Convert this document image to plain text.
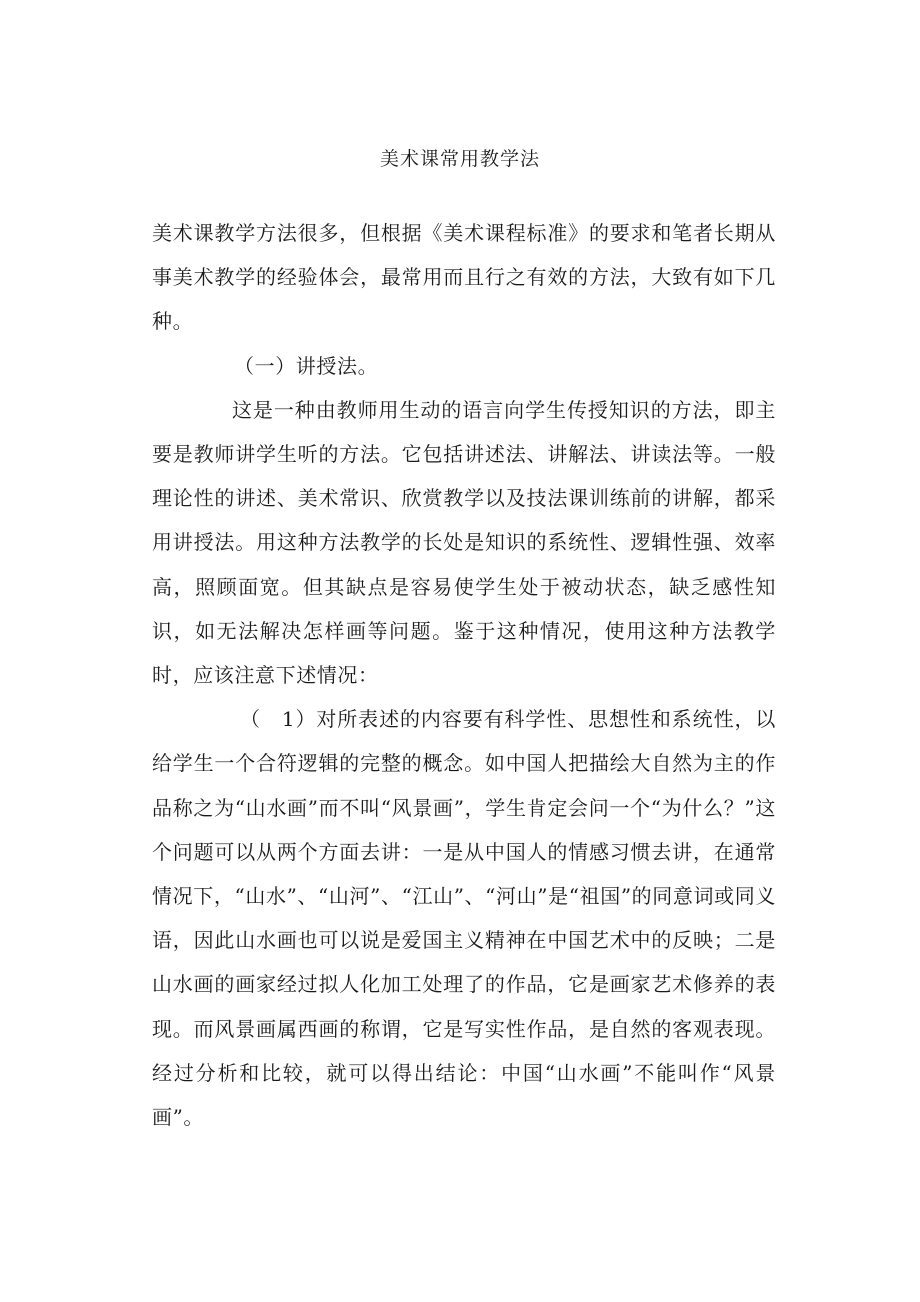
美术课常用教学法

美术课教学方法很多，但根据《美术课程标准》的要求和笔者长期从事美术教学的经验体会，最常用而且行之有效的方法，大致有如下几种。

（一）讲授法。

这是一种由教师用生动的语言向学生传授知识的方法，即主要是教师讲学生听的方法。它包括讲述法、讲解法、讲读法等。一般理论性的讲述、美术常识、欣赏教学以及技法课训练前的讲解，都采用讲授法。用这种方法教学的长处是知识的系统性、逻辑性强、效率高，照顾面宽。但其缺点是容易使学生处于被动状态，缺乏感性知识，如无法解决怎样画等问题。鉴于这种情况，使用这种方法教学时，应该注意下述情况：

（　1）对所表述的内容要有科学性、思想性和系统性，以给学生一个合符逻辑的完整的概念。如中国人把描绘大自然为主的作品称之为“山水画”而不叫“风景画”，学生肯定会问一个“为什么？”这个问题可以从两个方面去讲：一是从中国人的情感习惯去讲，在通常情况下，“山水”、“山河”、“江山”、“河山”是“祖国”的同意词或同义语，因此山水画也可以说是爱国主义精神在中国艺术中的反映；二是山水画的画家经过拟人化加工处理了的作品，它是画家艺术修养的表现。而风景画属西画的称谓，它是写实性作品，是自然的客观表现。经过分析和比较，就可以得出结论：中国“山水画”不能叫作“风景画”。
